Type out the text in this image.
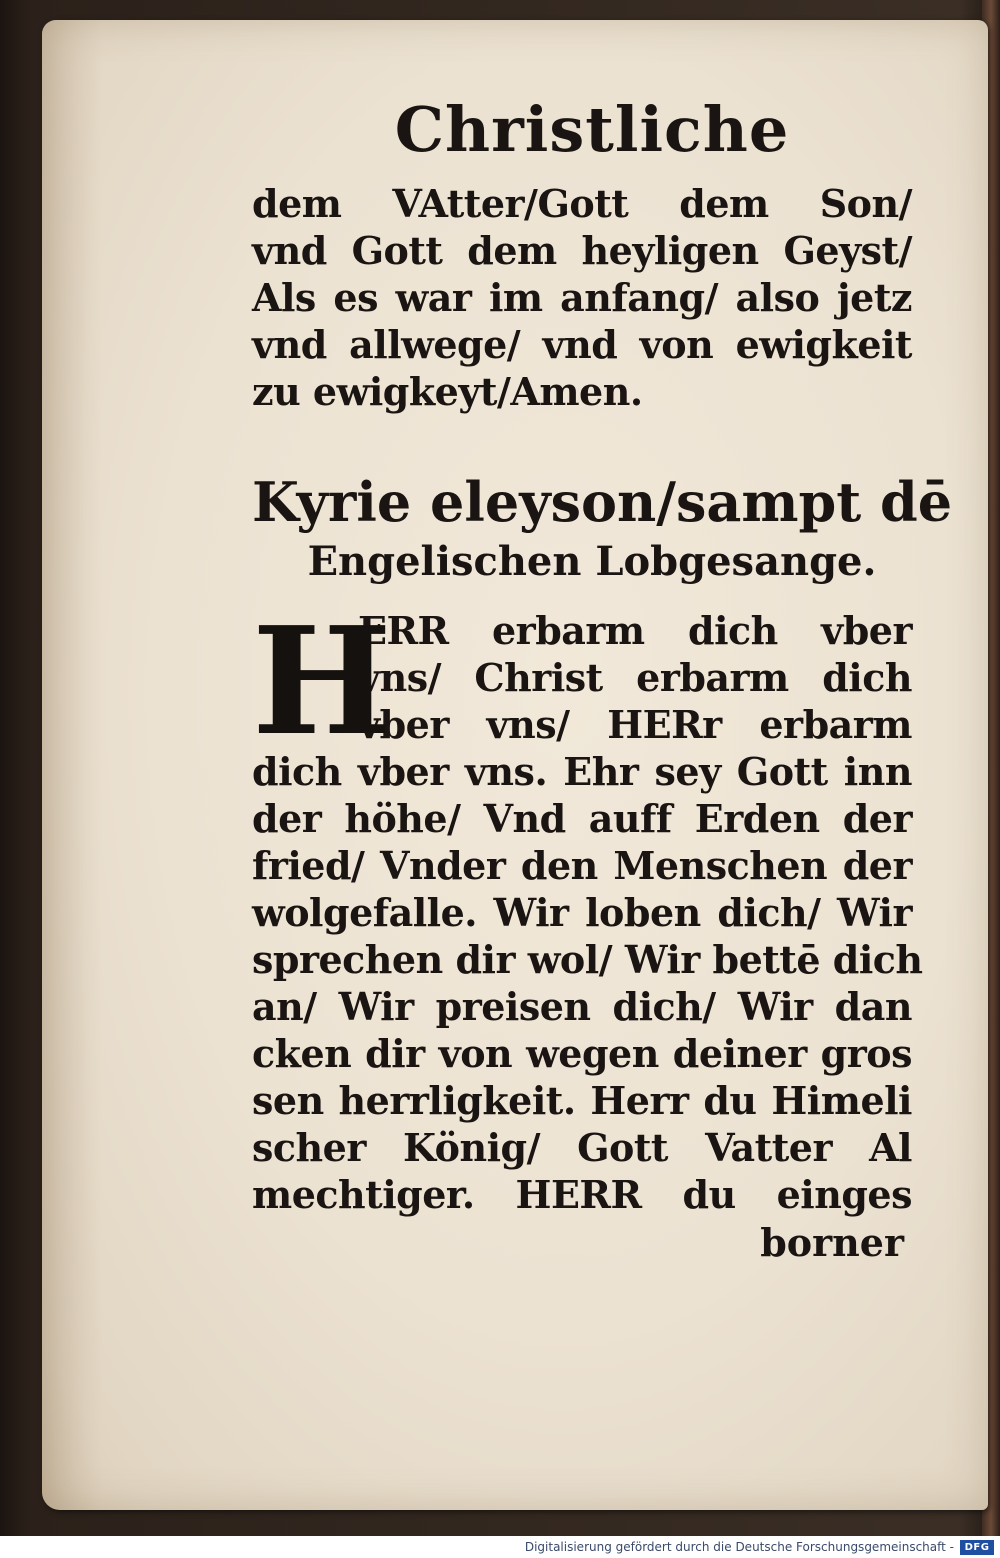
Christliche
dem VAtter/Gott dem Son/
vnd Gott dem heyligen Geyst/
Als es war im anfang/ also jetz
vnd allwege/ vnd von ewigkeit
zu ewigkeyt/Amen.
Kyrie eleyson/sampt dē
Engelischen Lobgesange.
H
ERR erbarm dich vber
vns/ Christ erbarm dich
vber vns/ HERr erbarm
dich vber vns. Ehr sey Gott inn
der höhe/ Vnd auff Erden der
fried/ Vnder den Menschen der
wolgefalle. Wir loben dich/ Wir
sprechen dir wol/ Wir bettē dich
an/ Wir preisen dich/ Wir dan
cken dir von wegen deiner gros
sen herrligkeit. Herr du Himeli
scher König/ Gott Vatter Al
mechtiger. HERR du einges
borner
Digitalisierung gefördert durch die Deutsche Forschungsgemeinschaft -	DFG
